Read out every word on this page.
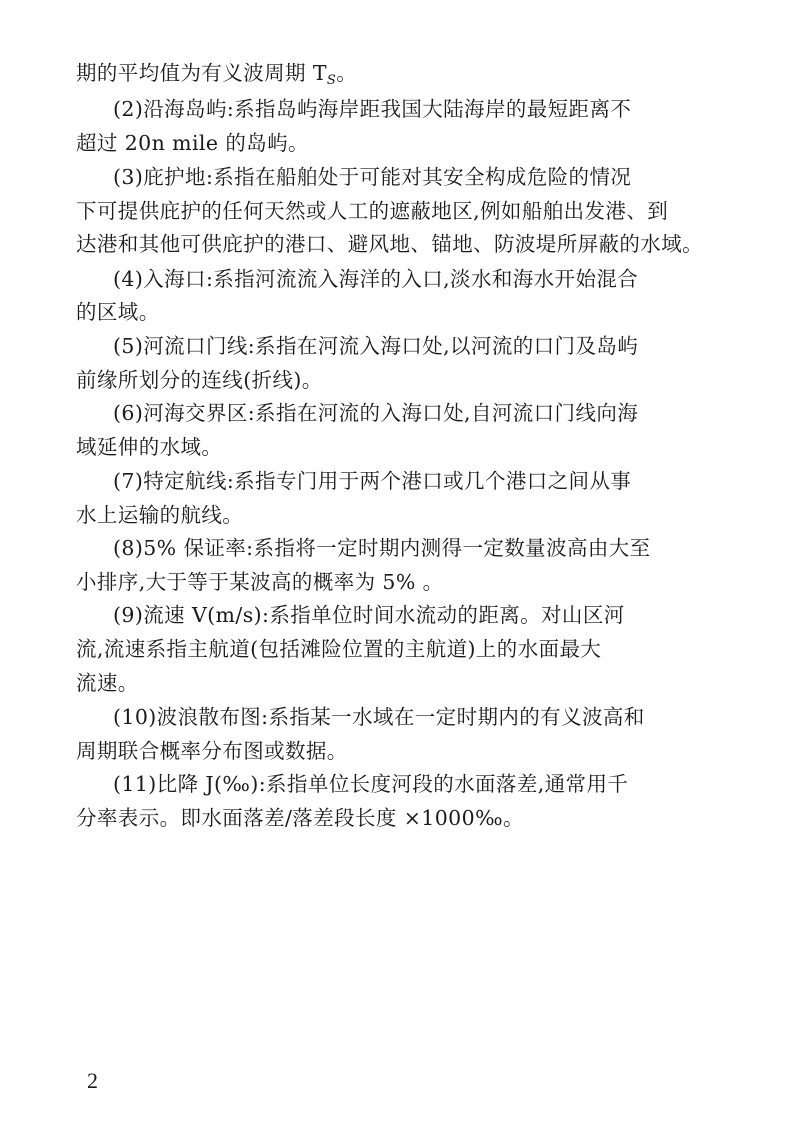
期的平均值为有义波周期 $T_S$。
(2)沿海岛屿:系指岛屿海岸距我国大陆海岸的最短距离不
超过 20n mile 的岛屿。
(3)庇护地:系指在船舶处于可能对其安全构成危险的情况
下可提供庇护的任何天然或人工的遮蔽地区,例如船舶出发港、到
达港和其他可供庇护的港口、避风地、锚地、防波堤所屏蔽的水域。
(4)入海口:系指河流流入海洋的入口,淡水和海水开始混合
的区域。
(5)河流口门线:系指在河流入海口处,以河流的口门及岛屿
前缘所划分的连线(折线)。
(6)河海交界区:系指在河流的入海口处,自河流口门线向海
域延伸的水域。
(7)特定航线:系指专门用于两个港口或几个港口之间从事
水上运输的航线。
(8)5% 保证率:系指将一定时期内测得一定数量波高由大至
小排序,大于等于某波高的概率为 5% 。
(9)流速 V(m/s):系指单位时间水流动的距离。对山区河
流,流速系指主航道(包括滩险位置的主航道)上的水面最大
流速。
(10)波浪散布图:系指某一水域在一定时期内的有义波高和
周期联合概率分布图或数据。
(11)比降 J(‰):系指单位长度河段的水面落差,通常用千
分率表示。即水面落差/落差段长度 ×1000‰。
2
